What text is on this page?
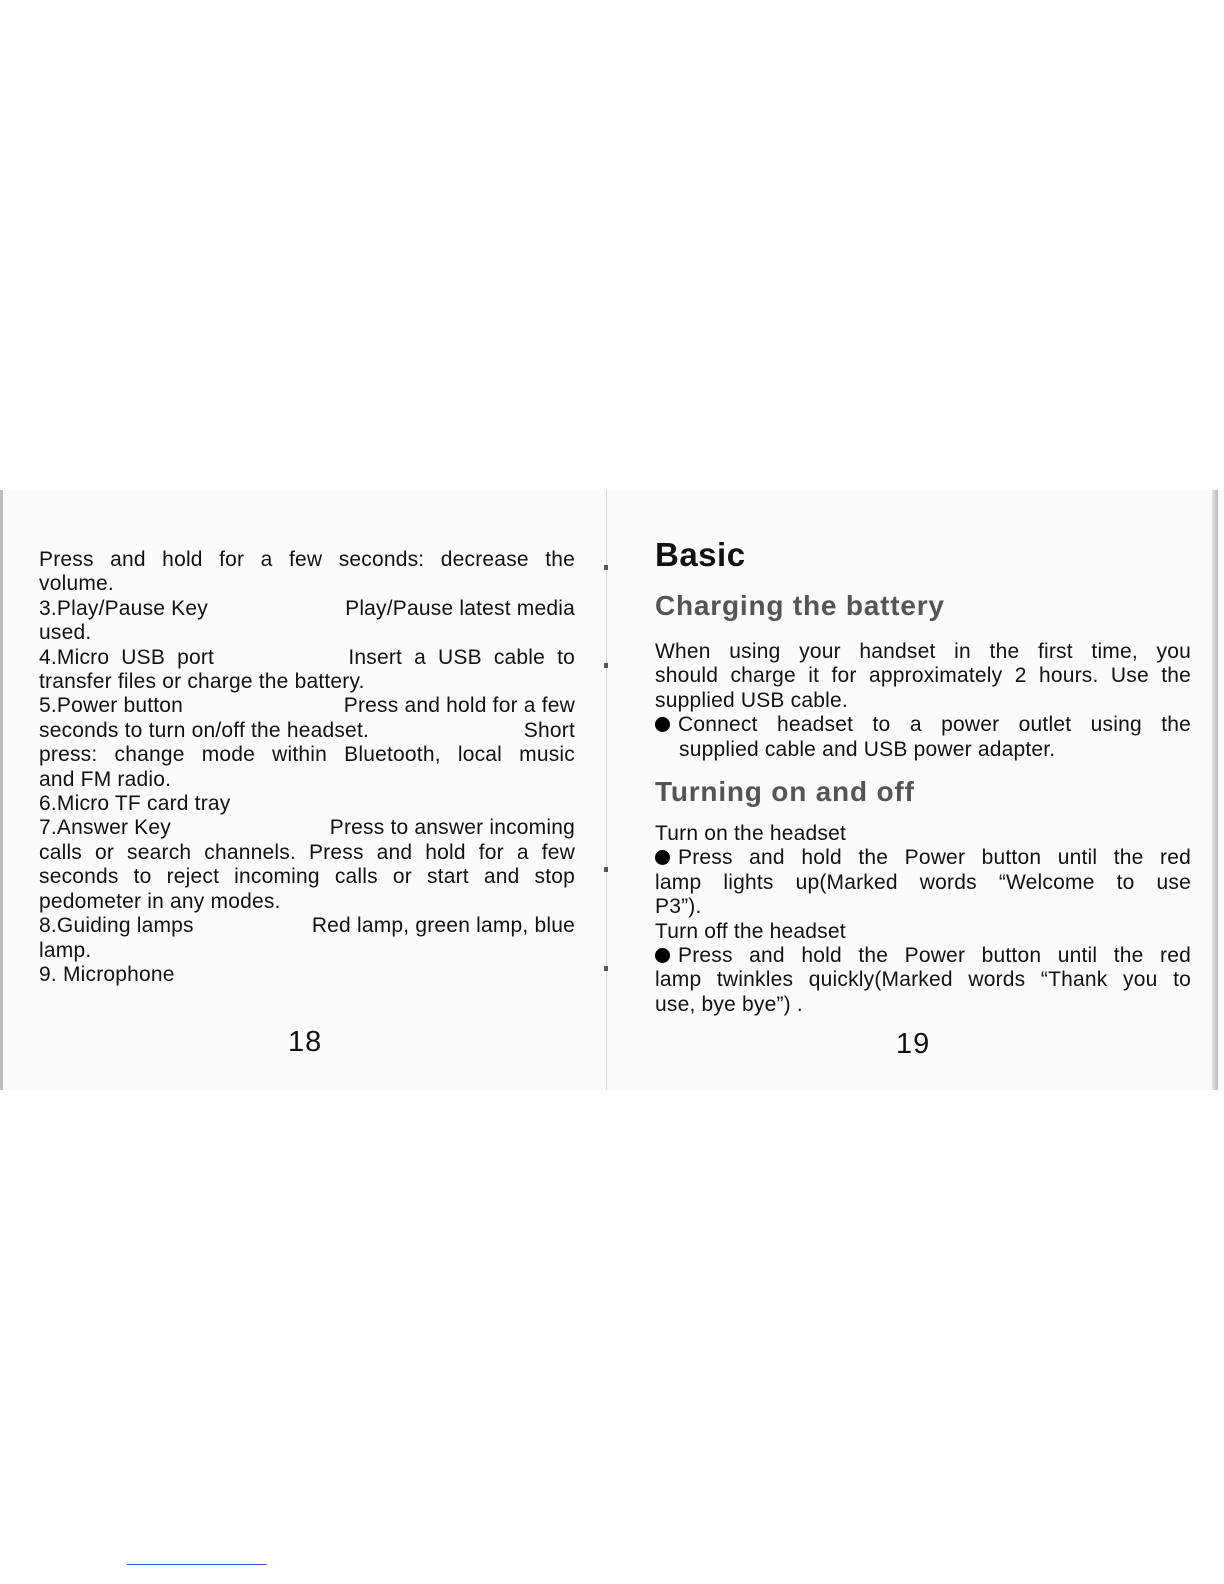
Press and hold for a few seconds: decrease the

volume.

3.Play/Pause Key	Play/Pause latest media

used.

4.Micro USB port	Insert a USB cable to

transfer files or charge the battery.

5.Power button	Press and hold for a few
seconds to turn on/off the headset.	Short

press: change mode within Bluetooth, local music

and FM radio.

6.Micro TF card tray

7.Answer Key	Press to answer incoming

calls or search channels. Press and hold for a few

seconds to reject incoming calls or start and stop

pedometer in any modes.

8.Guiding lamps	Red lamp, green lamp, blue

lamp.

9. Microphone

18
Basic
Charging the battery

When using your handset in the first time, you

should charge it for approximately 2 hours. Use the

supplied USB cable.

Connect headset to a power outlet using the

supplied cable and USB power adapter.

Turning on and off

Turn on the headset

Press and hold the Power button until the red

lamp lights up(Marked words “Welcome to use

P3”).

Turn off the headset

Press and hold the Power button until the red

lamp twinkles quickly(Marked words “Thank you to

use, bye bye”) .

19
